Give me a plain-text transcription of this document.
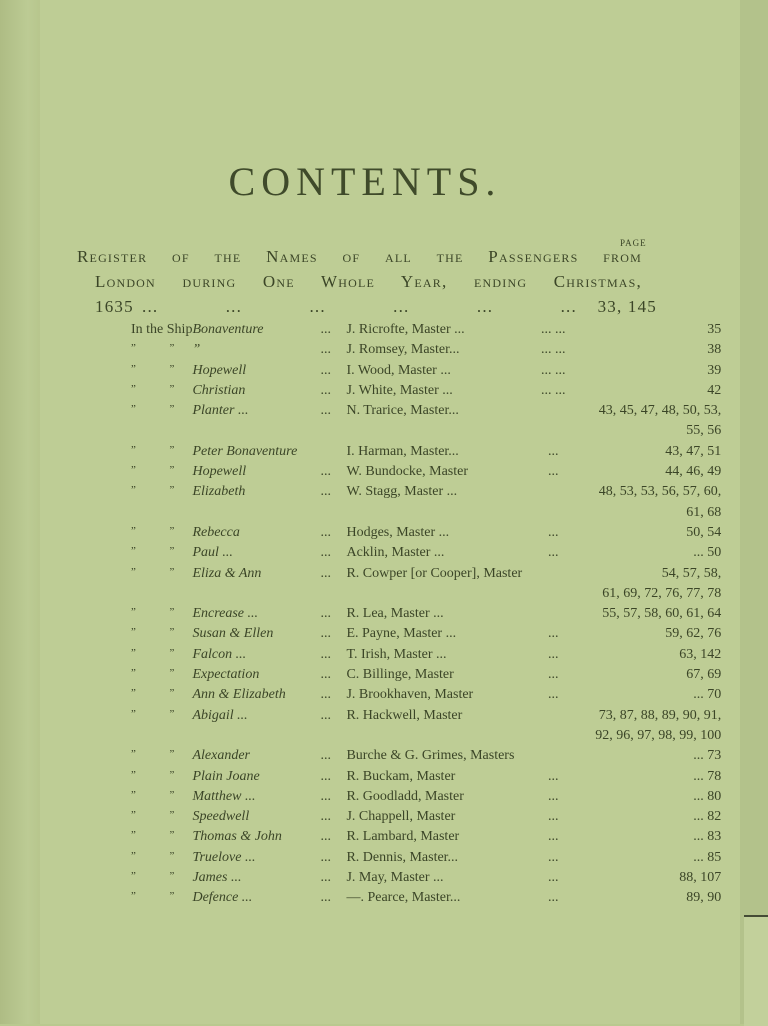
CONTENTS.
PAGE
Register of the Names of all the Passengers from
London during One Whole Year, ending Christmas,
1635 ...	...	...	...	...	... 33, 145
In the Ship		Bonaventure	...	J. Ricrofte, Master ...	... ...	35
”	”	”	...	J. Romsey, Master...	... ...	38
”	”	Hopewell	...	I. Wood, Master ...	... ...	39
”	”	Christian	...	J. White, Master ...	... ...	42
”	”	Planter ...	...	N. Trarice, Master...		43, 45, 47, 48, 50, 53,
55, 56						
”	”	Peter Bonaventure		I. Harman, Master...	...	43, 47, 51
”	”	Hopewell	...	W. Bundocke, Master	...	44, 46, 49
”	”	Elizabeth	...	W. Stagg, Master ...		48, 53, 53, 56, 57, 60,
61, 68						
”	”	Rebecca	...	Hodges, Master ...	...	50, 54
”	”	Paul ...	...	Acklin, Master ...	...	... 50
”	”	Eliza & Ann	...	R. Cowper [or Cooper], Master		54, 57, 58,
61, 69, 72, 76, 77, 78						
”	”	Encrease ...	...	R. Lea, Master ...		55, 57, 58, 60, 61, 64
”	”	Susan & Ellen	...	E. Payne, Master ...	...	59, 62, 76
”	”	Falcon ...	...	T. Irish, Master ...	...	63, 142
”	”	Expectation	...	C. Billinge, Master	...	67, 69
”	”	Ann & Elizabeth	...	J. Brookhaven, Master	...	... 70
”	”	Abigail ...	...	R. Hackwell, Master		73, 87, 88, 89, 90, 91,
92, 96, 97, 98, 99, 100						
”	”	Alexander	...	Burche & G. Grimes, Masters		... 73
”	”	Plain Joane	...	R. Buckam, Master	...	... 78
”	”	Matthew ...	...	R. Goodladd, Master	...	... 80
”	”	Speedwell	...	J. Chappell, Master	...	... 82
”	”	Thomas & John	...	R. Lambard, Master	...	... 83
”	”	Truelove ...	...	R. Dennis, Master...	...	... 85
”	”	James ...	...	J. May, Master ...	...	88, 107
”	”	Defence ...	...	—. Pearce, Master...	...	89, 90
